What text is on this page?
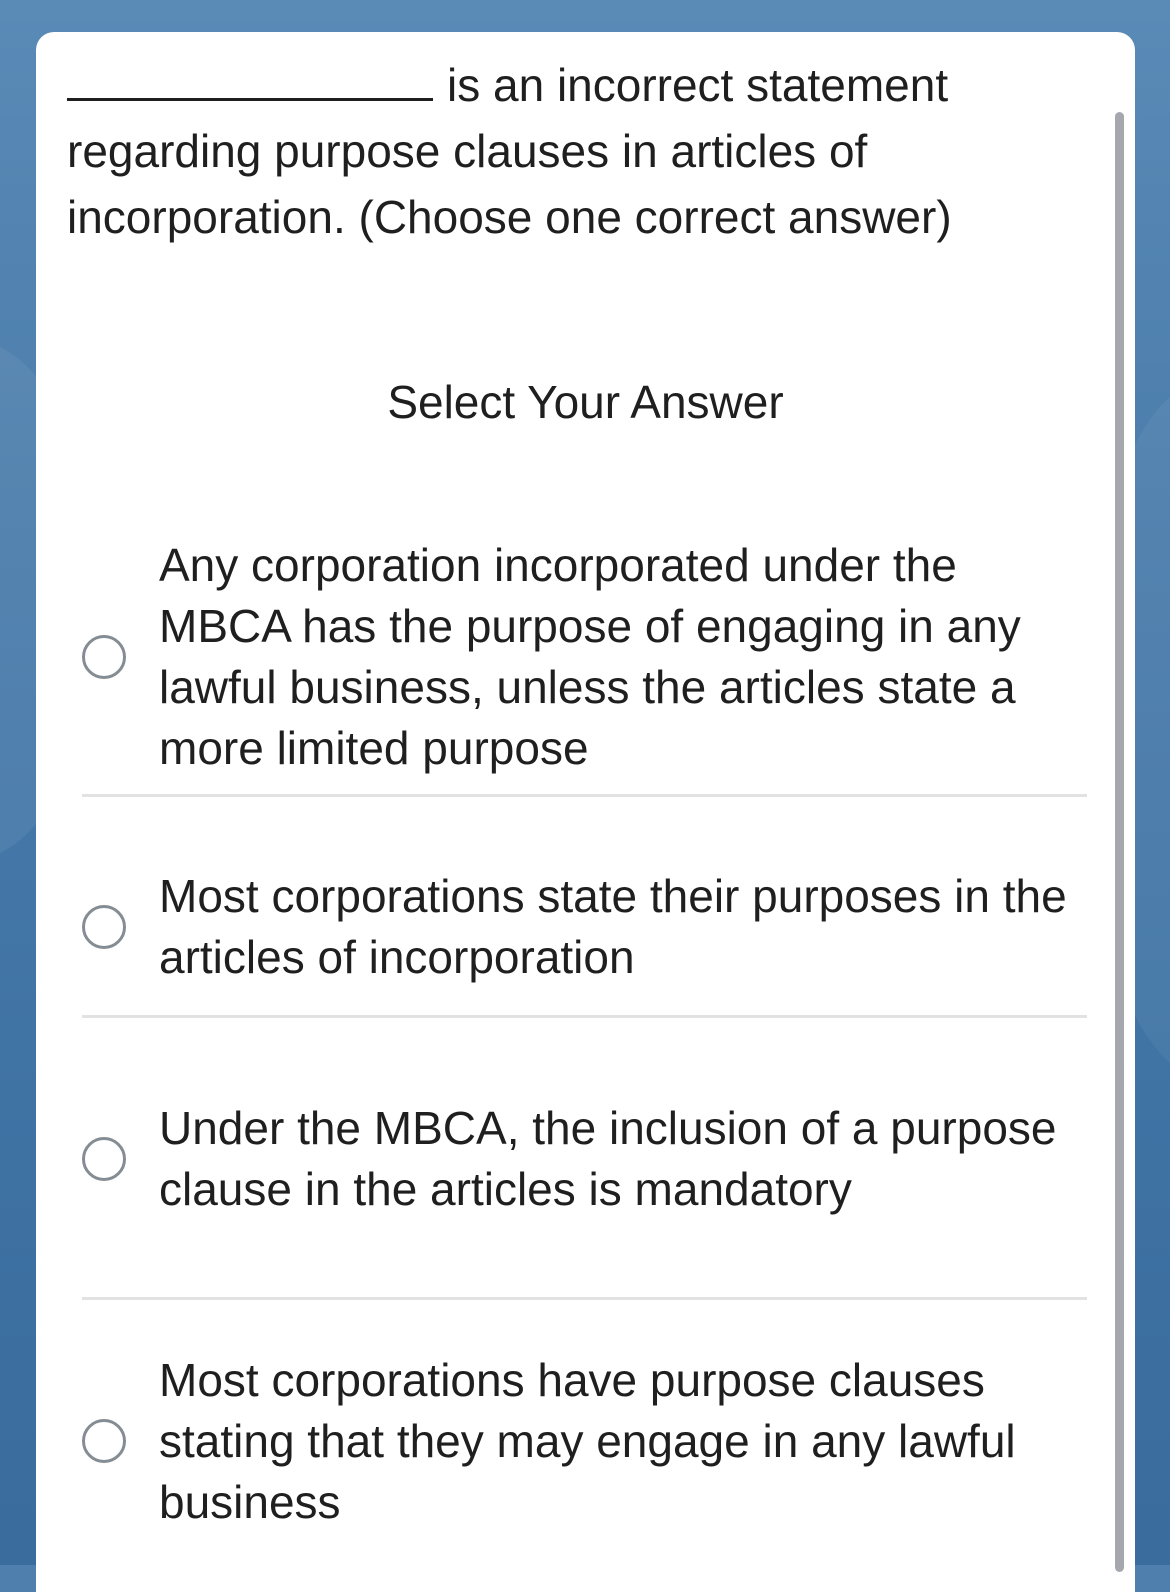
is an incorrect statement regarding purpose clauses in articles of incorporation. (Choose one correct answer)

Select Your Answer
Any corporation incorporated under the MBCA has the purpose of engaging in any lawful business, unless the articles state a more limited purpose
Most corporations state their purposes in the articles of incorporation
Under the MBCA, the inclusion of a purpose clause in the articles is mandatory
Most corporations have purpose clauses stating that they may engage in any lawful business
